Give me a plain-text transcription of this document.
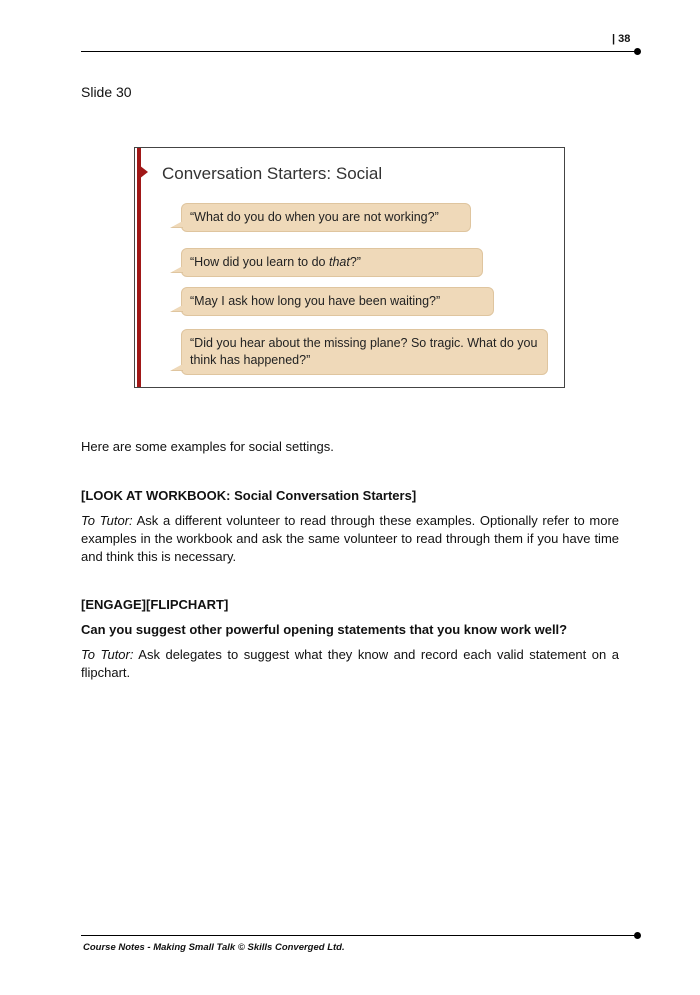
| 38
Slide 30
Conversation Starters: Social
“What do you do when you are not working?”
“How did you learn to do that?”
“May I ask how long you have been waiting?”
“Did you hear about the missing plane? So tragic. What do you think has happened?”
Here are some examples for social settings.
[LOOK AT WORKBOOK: Social Conversation Starters]
To Tutor: Ask a different volunteer to read through these examples. Optionally refer to more examples in the workbook and ask the same volunteer to read through them if you have time and think this is necessary.
[ENGAGE][FLIPCHART]
Can you suggest other powerful opening statements that you know work well?
To Tutor: Ask delegates to suggest what they know and record each valid statement on a flipchart.
Course Notes - Making Small Talk © Skills Converged Ltd.
